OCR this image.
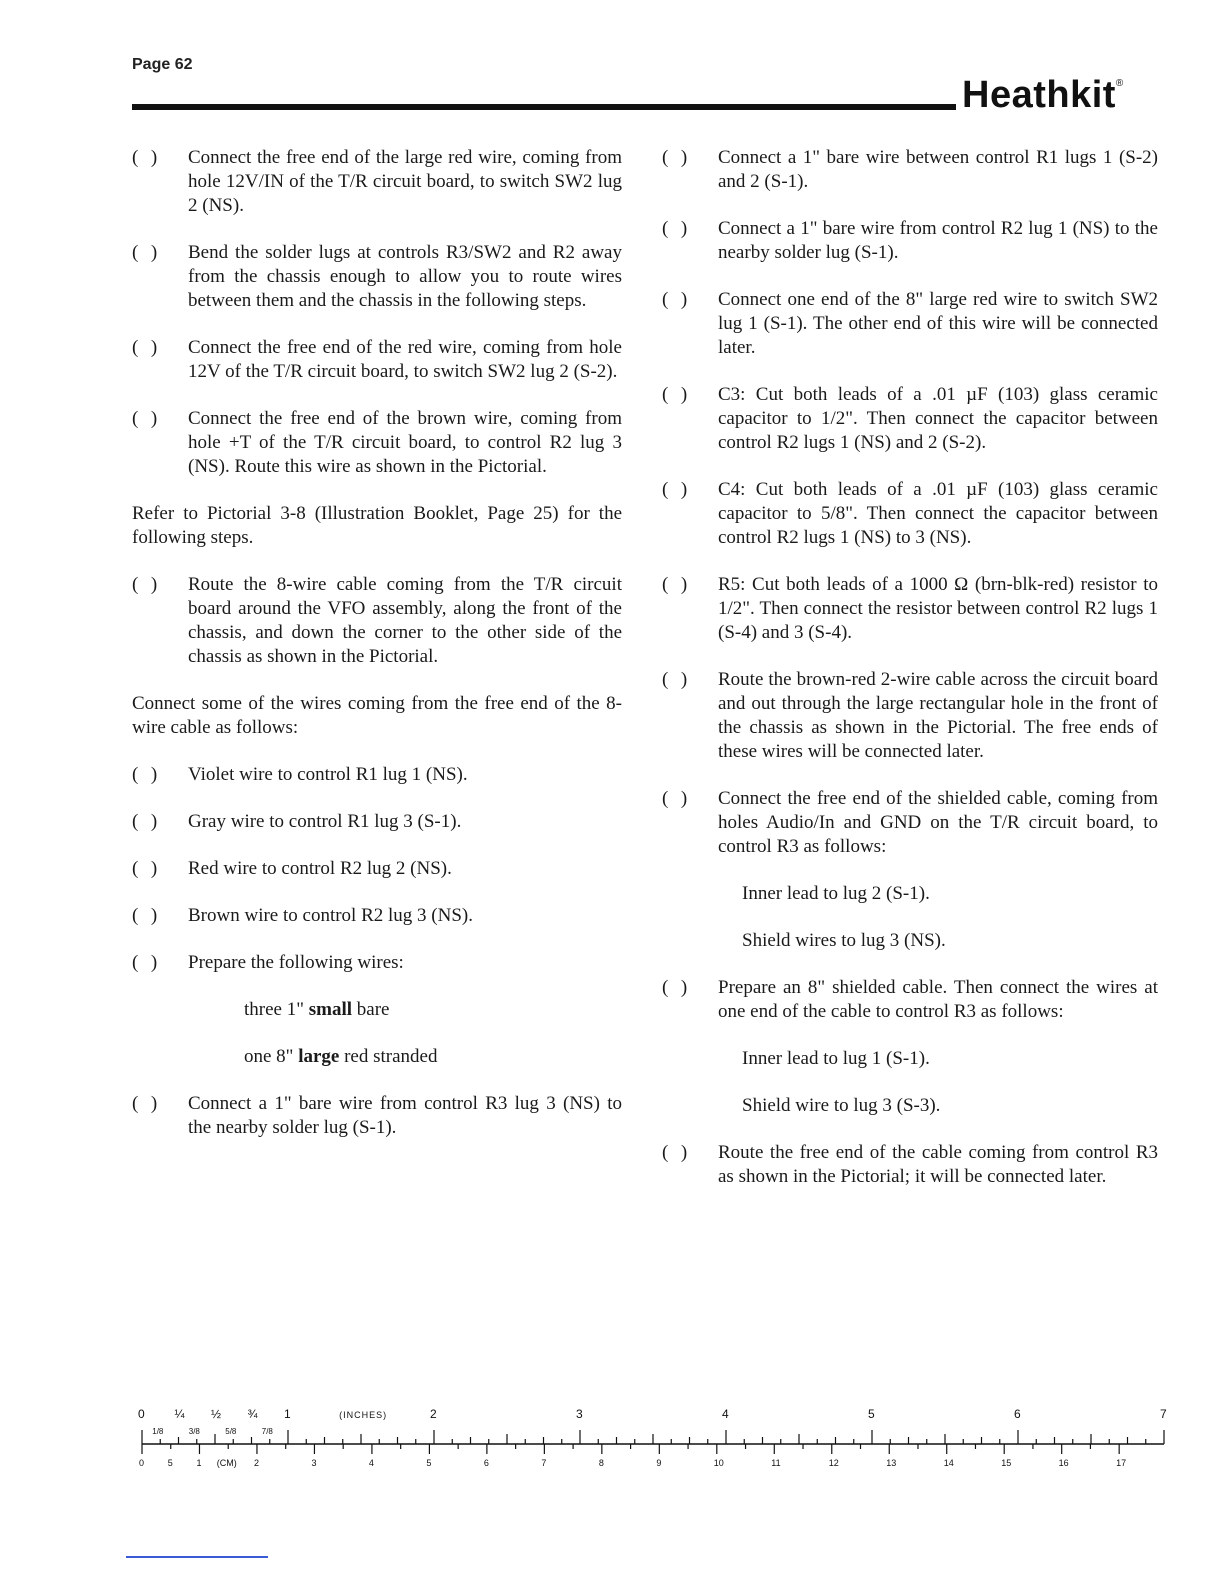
Page 62
Heathkit®
(  )	Connect the free end of the large red wire, coming from hole 12V/IN of the T/R circuit board, to switch SW2 lug 2 (NS).
(  )	Bend the solder lugs at controls R3/SW2 and R2 away from the chassis enough to allow you to route wires between them and the chassis in the following steps.
(  )	Connect the free end of the red wire, coming from hole 12V of the T/R circuit board, to switch SW2 lug 2 (S-2).
(  )	Connect the free end of the brown wire, coming from hole +T of the T/R circuit board, to control R2 lug 3 (NS). Route this wire as shown in the Pictorial.
Refer to Pictorial 3-8 (Illustration Booklet, Page 25) for the following steps.
(  )	Route the 8-wire cable coming from the T/R circuit board around the VFO assembly, along the front of the chassis, and down the corner to the other side of the chassis as shown in the Pictorial.
Connect some of the wires coming from the free end of the 8-wire cable as follows:
(  )	Violet wire to control R1 lug 1 (NS).
(  )	Gray wire to control R1 lug 3 (S-1).
(  )	Red wire to control R2 lug 2 (NS).
(  )	Brown wire to control R2 lug 3 (NS).
(  )	Prepare the following wires:
three 1" small bare
one 8" large red stranded
(  )	Connect a 1" bare wire from control R3 lug 3 (NS) to the nearby solder lug (S-1).
(  )	Connect a 1" bare wire between control R1 lugs 1 (S-2) and 2 (S-1).
(  )	Connect a 1" bare wire from control R2 lug 1 (NS) to the nearby solder lug (S-1).
(  )	Connect one end of the 8" large red wire to switch SW2 lug 1 (S-1). The other end of this wire will be connected later.
(  )	C3: Cut both leads of a .01 µF (103) glass ceramic capacitor to 1/2". Then connect the capacitor between control R2 lugs 1 (NS) and 2 (S-2).
(  )	C4: Cut both leads of a .01 µF (103) glass ceramic capacitor to 5/8". Then connect the capacitor between control R2 lugs 1 (NS) to 3 (NS).
(  )	R5: Cut both leads of a 1000 Ω (brn-blk-red) resistor to 1/2". Then connect the resistor between control R2 lugs 1 (S-4) and 3 (S-4).
(  )	Route the brown-red 2-wire cable across the circuit board and out through the large rectangular hole in the front of the chassis as shown in the Pictorial. The free ends of these wires will be connected later.
(  )	Connect the free end of the shielded cable, coming from holes Audio/In and GND on the T/R circuit board, to control R3 as follows:
Inner lead to lug 2 (S-1).
Shield wires to lug 3 (NS).
(  )	Prepare an 8" shielded cable. Then connect the wires at one end of the cable to control R3 as follows:
Inner lead to lug 1 (S-1).
Shield wire to lug 3 (S-3).
(  )	Route the free end of the cable coming from control R3 as shown in the Pictorial; it will be connected later.
0 ¼ ½ ¾ 1	2	3	4	5	6	7
(INCHES)
1/8	3/8	5/8	7/8
0	5	1	2	3	4	5	6	7	8	9	10	11	12	13	14	15	16	17
(CM)
